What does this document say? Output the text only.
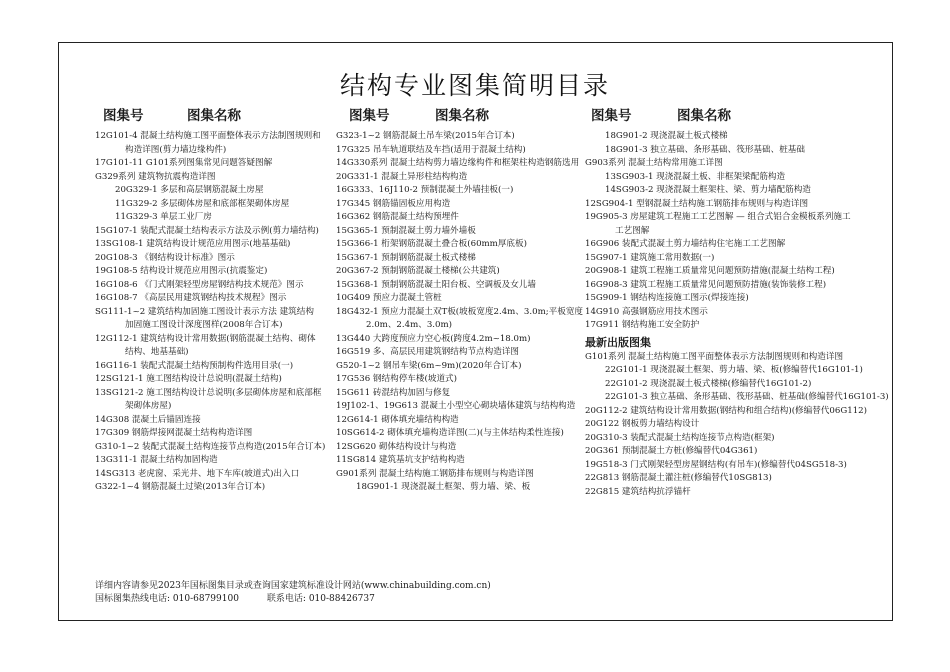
结构专业图集简明目录
图集号	图集名称
12G101-4 混凝土结构施工图平面整体表示方法制图规则和
构造详图(剪力墙边缘构件)
17G101-11 G101系列图集常见问题答疑图解
G329系列 建筑物抗震构造详图
20G329-1 多层和高层钢筋混凝土房屋
11G329-2 多层砌体房屋和底部框架砌体房屋
11G329-3 单层工业厂房
15G107-1 装配式混凝土结构表示方法及示例(剪力墙结构)
13SG108-1 建筑结构设计规范应用图示(地基基础)
20G108-3 《钢结构设计标准》图示
19G108-5 结构设计规范应用图示(抗震鉴定)
16G108-6 《门式刚架轻型房屋钢结构技术规范》图示
16G108-7 《高层民用建筑钢结构技术规程》图示
SG111-1~2 建筑结构加固施工图设计表示方法 建筑结构
加固施工图设计深度图样(2008年合订本)
12G112-1 建筑结构设计常用数据(钢筋混凝土结构、砌体
结构、地基基础)
16G116-1 装配式混凝土结构预制构件选用目录(一)
12SG121-1 施工图结构设计总说明(混凝土结构)
13SG121-2 施工图结构设计总说明(多层砌体房屋和底部框
架砌体房屋)
14G308 混凝土后锚固连接
17G309 钢筋焊接网混凝土结构构造详图
G310-1~2 装配式混凝土结构连接节点构造(2015年合订本)
13G311-1 混凝土结构加固构造
14SG313 老虎窗、采光井、地下车库(坡道式)出入口
G322-1~4 钢筋混凝土过梁(2013年合订本)
图集号	图集名称
G323-1~2 钢筋混凝土吊车梁(2015年合订本)
17G325 吊车轨道联结及车挡(适用于混凝土结构)
14G330系列 混凝土结构剪力墙边缘构件和框架柱构造钢筋选用
20G331-1 混凝土异形柱结构构造
16G333、16J110-2 预制混凝土外墙挂板(一)
17G345 钢筋锚固板应用构造
16G362 钢筋混凝土结构预埋件
15G365-1 预制混凝土剪力墙外墙板
15G366-1 桁架钢筋混凝土叠合板(60mm厚底板)
15G367-1 预制钢筋混凝土板式楼梯
20G367-2 预制钢筋混凝土楼梯(公共建筑)
15G368-1 预制钢筋混凝土阳台板、空调板及女儿墙
10G409 预应力混凝土管桩
18G432-1 预应力混凝土双T板(坡板宽度2.4m、3.0m;平板宽度
2.0m、2.4m、3.0m)
13G440 大跨度预应力空心板(跨度4.2m~18.0m)
16G519 多、高层民用建筑钢结构节点构造详图
G520-1~2 钢吊车梁(6m~9m)(2020年合订本)
17G536 钢结构停车楼(坡道式)
15G611 砖混结构加固与修复
19J102-1、19G613 混凝土小型空心砌块墙体建筑与结构构造
12G614-1 砌体填充墙结构构造
10SG614-2 砌体填充墙构造详图(二)(与主体结构柔性连接)
12SG620 砌体结构设计与构造
11SG814 建筑基坑支护结构构造
G901系列 混凝土结构施工钢筋排布规则与构造详图
18G901-1 现浇混凝土框架、剪力墙、梁、板
图集号	图集名称
18G901-2 现浇混凝土板式楼梯
18G901-3 独立基础、条形基础、筏形基础、桩基础
G903系列 混凝土结构常用施工详图
13SG903-1 现浇混凝土板、非框架梁配筋构造
14SG903-2 现浇混凝土框架柱、梁、剪力墙配筋构造
12SG904-1 型钢混凝土结构施工钢筋排布规则与构造详图
19G905-3 房屋建筑工程施工工艺图解 — 组合式铝合金模板系列施工
工艺图解
16G906 装配式混凝土剪力墙结构住宅施工工艺图解
15G907-1 建筑施工常用数据(一)
20G908-1 建筑工程施工质量常见问题预防措施(混凝土结构工程)
16G908-3 建筑工程施工质量常见问题预防措施(装饰装修工程)
15G909-1 钢结构连接施工图示(焊接连接)
14G910 高强钢筋应用技术图示
17G911 钢结构施工安全防护
最新出版图集
G101系列 混凝土结构施工图平面整体表示方法制图规则和构造详图
22G101-1 现浇混凝土框架、剪力墙、梁、板(修编替代16G101-1)
22G101-2 现浇混凝土板式楼梯(修编替代16G101-2)
22G101-3 独立基础、条形基础、筏形基础、桩基础(修编替代16G101-3)
20G112-2 建筑结构设计常用数据(钢结构和组合结构)(修编替代06G112)
20G122 钢板剪力墙结构设计
20G310-3 装配式混凝土结构连接节点构造(框架)
20G361 预制混凝土方桩(修编替代04G361)
19G518-3 门式刚架轻型房屋钢结构(有吊车)(修编替代04SG518-3)
22G813 钢筋混凝土灌注桩(修编替代10SG813)
22G815 建筑结构抗浮锚杆
详细内容请参见2023年国标图集目录或查询国家建筑标准设计网站(www.chinabuilding.com.cn)
国标图集热线电话: 010-68799100	联系电话: 010-88426737
